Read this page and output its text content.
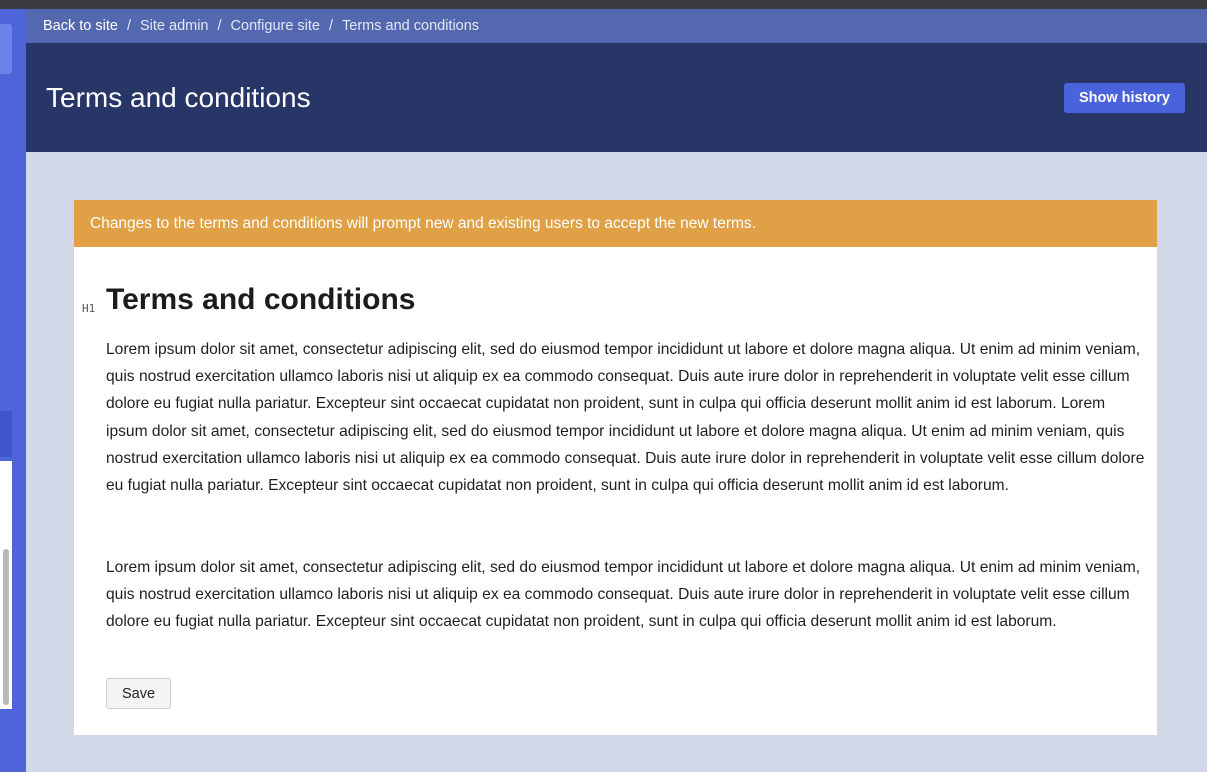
Back to site / Site admin / Configure site / Terms and conditions
Terms and conditions	Show history
Changes to the terms and conditions will prompt new and existing users to accept the new terms.
H1 Terms and conditions

Lorem ipsum dolor sit amet, consectetur adipiscing elit, sed do eiusmod tempor incididunt ut labore et dolore magna aliqua. Ut enim ad minim veniam, quis nostrud exercitation ullamco laboris nisi ut aliquip ex ea commodo consequat. Duis aute irure dolor in reprehenderit in voluptate velit esse cillum dolore eu fugiat nulla pariatur. Excepteur sint occaecat cupidatat non proident, sunt in culpa qui officia deserunt mollit anim id est laborum. Lorem ipsum dolor sit amet, consectetur adipiscing elit, sed do eiusmod tempor incididunt ut labore et dolore magna aliqua. Ut enim ad minim veniam, quis nostrud exercitation ullamco laboris nisi ut aliquip ex ea commodo consequat. Duis aute irure dolor in reprehenderit in voluptate velit esse cillum dolore eu fugiat nulla pariatur. Excepteur sint occaecat cupidatat non proident, sunt in culpa qui officia deserunt mollit anim id est laborum.

Lorem ipsum dolor sit amet, consectetur adipiscing elit, sed do eiusmod tempor incididunt ut labore et dolore magna aliqua. Ut enim ad minim veniam, quis nostrud exercitation ullamco laboris nisi ut aliquip ex ea commodo consequat. Duis aute irure dolor in reprehenderit in voluptate velit esse cillum dolore eu fugiat nulla pariatur. Excepteur sint occaecat cupidatat non proident, sunt in culpa qui officia deserunt mollit anim id est laborum.

Save
